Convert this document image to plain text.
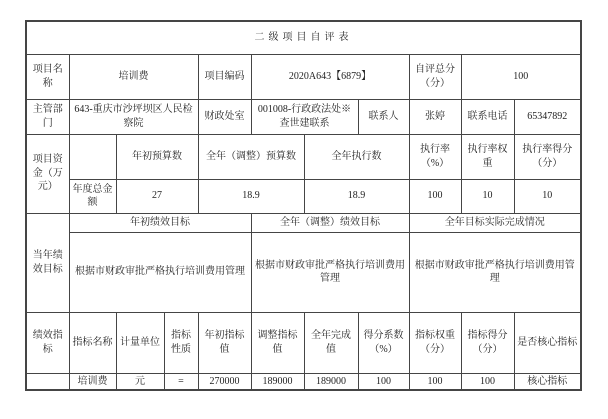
二级项目自评表										
项目名称	培训费			项目编码	2020A643【6879】			自评总分（分）	100	
主管部门	643-重庆市沙坪坝区人民检察院			财政处室	001008-行政政法处※查世建联系		联系人	张婷	联系电话	65347892
项目资金（万元）		年初预算数		全年（调整）预算数		全年执行数		执行率（%）	执行率权重	执行率得分（分）
	年度总金额	27		18.9		18.9		100	10	10
当年绩效目标	年初绩效目标				全年（调整）绩效目标			全年目标实际完成情况		
	根据市财政审批严格执行培训费用管理				根据市财政审批严格执行培训费用管理			根据市财政审批严格执行培训费用管理		
绩效指标	指标名称	计量单位	指标性质	年初指标值	调整指标值	全年完成值	得分系数（%）	指标权重（分）	指标得分（分）	是否核心指标
	培训费	元	=	270000	189000	189000	100	100	100	核心指标
